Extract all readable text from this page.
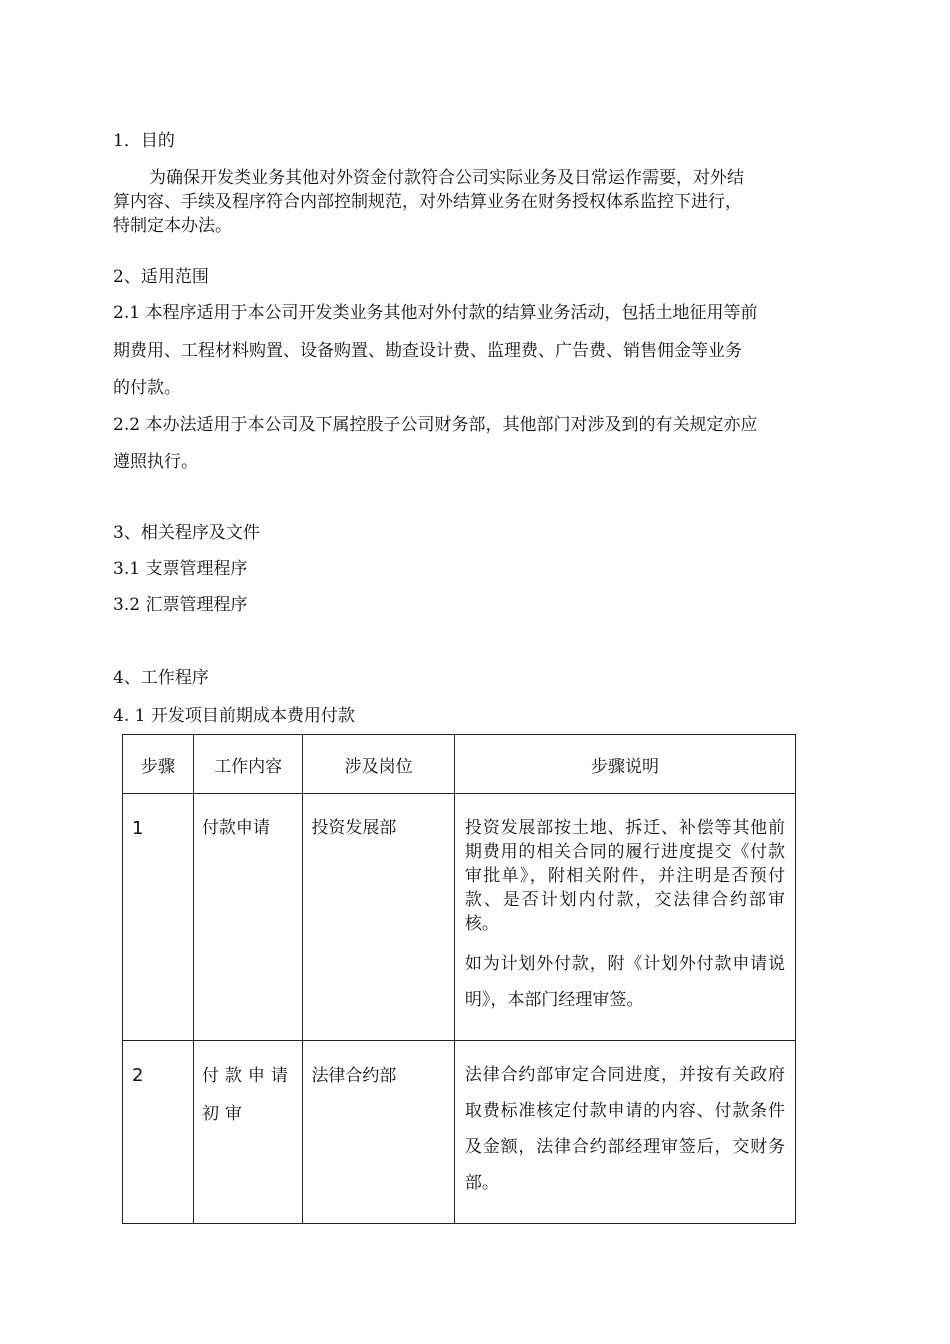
1．目的
为确保开发类业务其他对外资金付款符合公司实际业务及日常运作需要，对外结
算内容、手续及程序符合内部控制规范，对外结算业务在财务授权体系监控下进行，
特制定本办法。
2、适用范围
2.1 本程序适用于本公司开发类业务其他对外付款的结算业务活动，包括土地征用等前
期费用、工程材料购置、设备购置、勘查设计费、监理费、广告费、销售佣金等业务
的付款。
2.2 本办法适用于本公司及下属控股子公司财务部，其他部门对涉及到的有关规定亦应
遵照执行。
3、相关程序及文件
3.1 支票管理程序
3.2 汇票管理程序
4、工作程序
4. 1 开发项目前期成本费用付款
步骤	工作内容	涉及岗位	步骤说明
1	付款申请	投资发展部	投资发展部按土地、拆迁、补偿等其他前期费用的相关合同的履行进度提交《付款审批单》，附相关附件，并注明是否预付款、是否计划内付款，交法律合约部审核。

如为计划外付款，附《计划外付款申请说明》，本部门经理审签。

2	付款申请初审	法律合约部	法律合约部审定合同进度，并按有关政府取费标准核定付款申请的内容、付款条件及金额，法律合约部经理审签后，交财务部。
